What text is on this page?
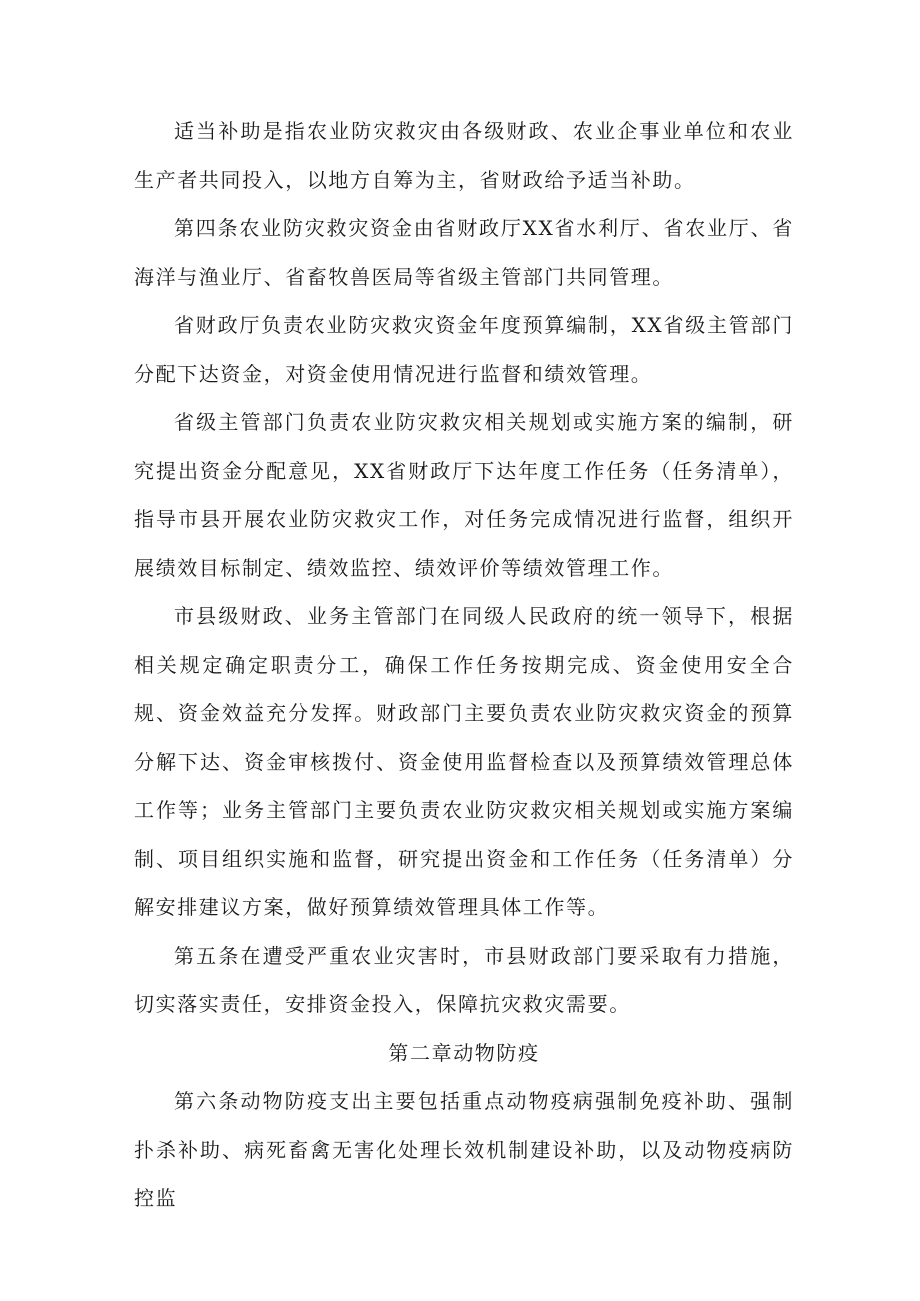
适当补助是指农业防灾救灾由各级财政、农业企事业单位和农业生产者共同投入，以地方自筹为主，省财政给予适当补助。

第四条农业防灾救灾资金由省财政厅XX省水利厅、省农业厅、省海洋与渔业厅、省畜牧兽医局等省级主管部门共同管理。

省财政厅负责农业防灾救灾资金年度预算编制，XX省级主管部门分配下达资金，对资金使用情况进行监督和绩效管理。

省级主管部门负责农业防灾救灾相关规划或实施方案的编制，研究提出资金分配意见，XX省财政厅下达年度工作任务（任务清单），指导市县开展农业防灾救灾工作，对任务完成情况进行监督，组织开展绩效目标制定、绩效监控、绩效评价等绩效管理工作。

市县级财政、业务主管部门在同级人民政府的统一领导下，根据相关规定确定职责分工，确保工作任务按期完成、资金使用安全合规、资金效益充分发挥。财政部门主要负责农业防灾救灾资金的预算分解下达、资金审核拨付、资金使用监督检查以及预算绩效管理总体工作等；业务主管部门主要负责农业防灾救灾相关规划或实施方案编制、项目组织实施和监督，研究提出资金和工作任务（任务清单）分解安排建议方案，做好预算绩效管理具体工作等。

第五条在遭受严重农业灾害时，市县财政部门要采取有力措施，切实落实责任，安排资金投入，保障抗灾救灾需要。

第二章动物防疫

第六条动物防疫支出主要包括重点动物疫病强制免疫补助、强制扑杀补助、病死畜禽无害化处理长效机制建设补助，以及动物疫病防控监
